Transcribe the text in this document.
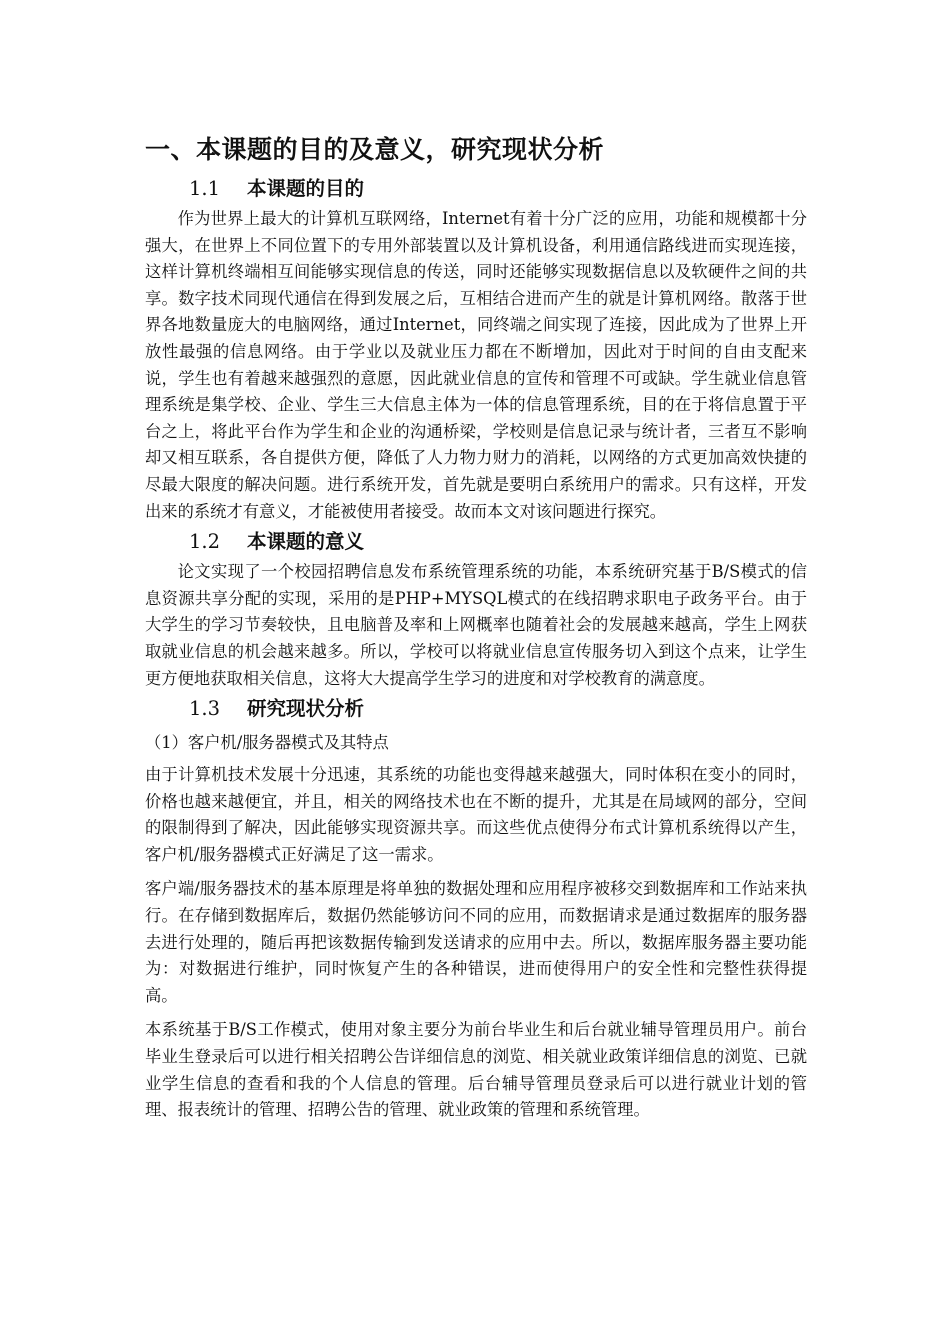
一、本课题的目的及意义，研究现状分析
1.1 本课题的目的

作为世界上最大的计算机互联网络，Internet有着十分广泛的应用，功能和规模都十分强大，在世界上不同位置下的专用外部装置以及计算机设备，利用通信路线进而实现连接，这样计算机终端相互间能够实现信息的传送，同时还能够实现数据信息以及软硬件之间的共享。数字技术同现代通信在得到发展之后，互相结合进而产生的就是计算机网络。散落于世界各地数量庞大的电脑网络，通过Internet，同终端之间实现了连接，因此成为了世界上开放性最强的信息网络。由于学业以及就业压力都在不断增加，因此对于时间的自由支配来说，学生也有着越来越强烈的意愿，因此就业信息的宣传和管理不可或缺。学生就业信息管理系统是集学校、企业、学生三大信息主体为一体的信息管理系统，目的在于将信息置于平台之上，将此平台作为学生和企业的沟通桥梁，学校则是信息记录与统计者，三者互不影响却又相互联系，各自提供方便，降低了人力物力财力的消耗，以网络的方式更加高效快捷的尽最大限度的解决问题。进行系统开发，首先就是要明白系统用户的需求。只有这样，开发出来的系统才有意义，才能被使用者接受。故而本文对该问题进行探究。

1.2 本课题的意义

论文实现了一个校园招聘信息发布系统管理系统的功能，本系统研究基于B/S模式的信息资源共享分配的实现，采用的是PHP+MYSQL模式的在线招聘求职电子政务平台。由于大学生的学习节奏较快，且电脑普及率和上网概率也随着社会的发展越来越高，学生上网获取就业信息的机会越来越多。所以，学校可以将就业信息宣传服务切入到这个点来，让学生更方便地获取相关信息，这将大大提高学生学习的进度和对学校教育的满意度。

1.3 研究现状分析
（1）客户机/服务器模式及其特点

由于计算机技术发展十分迅速，其系统的功能也变得越来越强大，同时体积在变小的同时，价格也越来越便宜，并且，相关的网络技术也在不断的提升，尤其是在局域网的部分，空间的限制得到了解决，因此能够实现资源共享。而这些优点使得分布式计算机系统得以产生，客户机/服务器模式正好满足了这一需求。

客户端/服务器技术的基本原理是将单独的数据处理和应用程序被移交到数据库和工作站来执行。在存储到数据库后，数据仍然能够访问不同的应用，而数据请求是通过数据库的服务器去进行处理的，随后再把该数据传输到发送请求的应用中去。所以，数据库服务器主要功能为：对数据进行维护，同时恢复产生的各种错误，进而使得用户的安全性和完整性获得提高。

本系统基于B/S工作模式，使用对象主要分为前台毕业生和后台就业辅导管理员用户。前台毕业生登录后可以进行相关招聘公告详细信息的浏览、相关就业政策详细信息的浏览、已就业学生信息的查看和我的个人信息的管理。后台辅导管理员登录后可以进行就业计划的管理、报表统计的管理、招聘公告的管理、就业政策的管理和系统管理。
